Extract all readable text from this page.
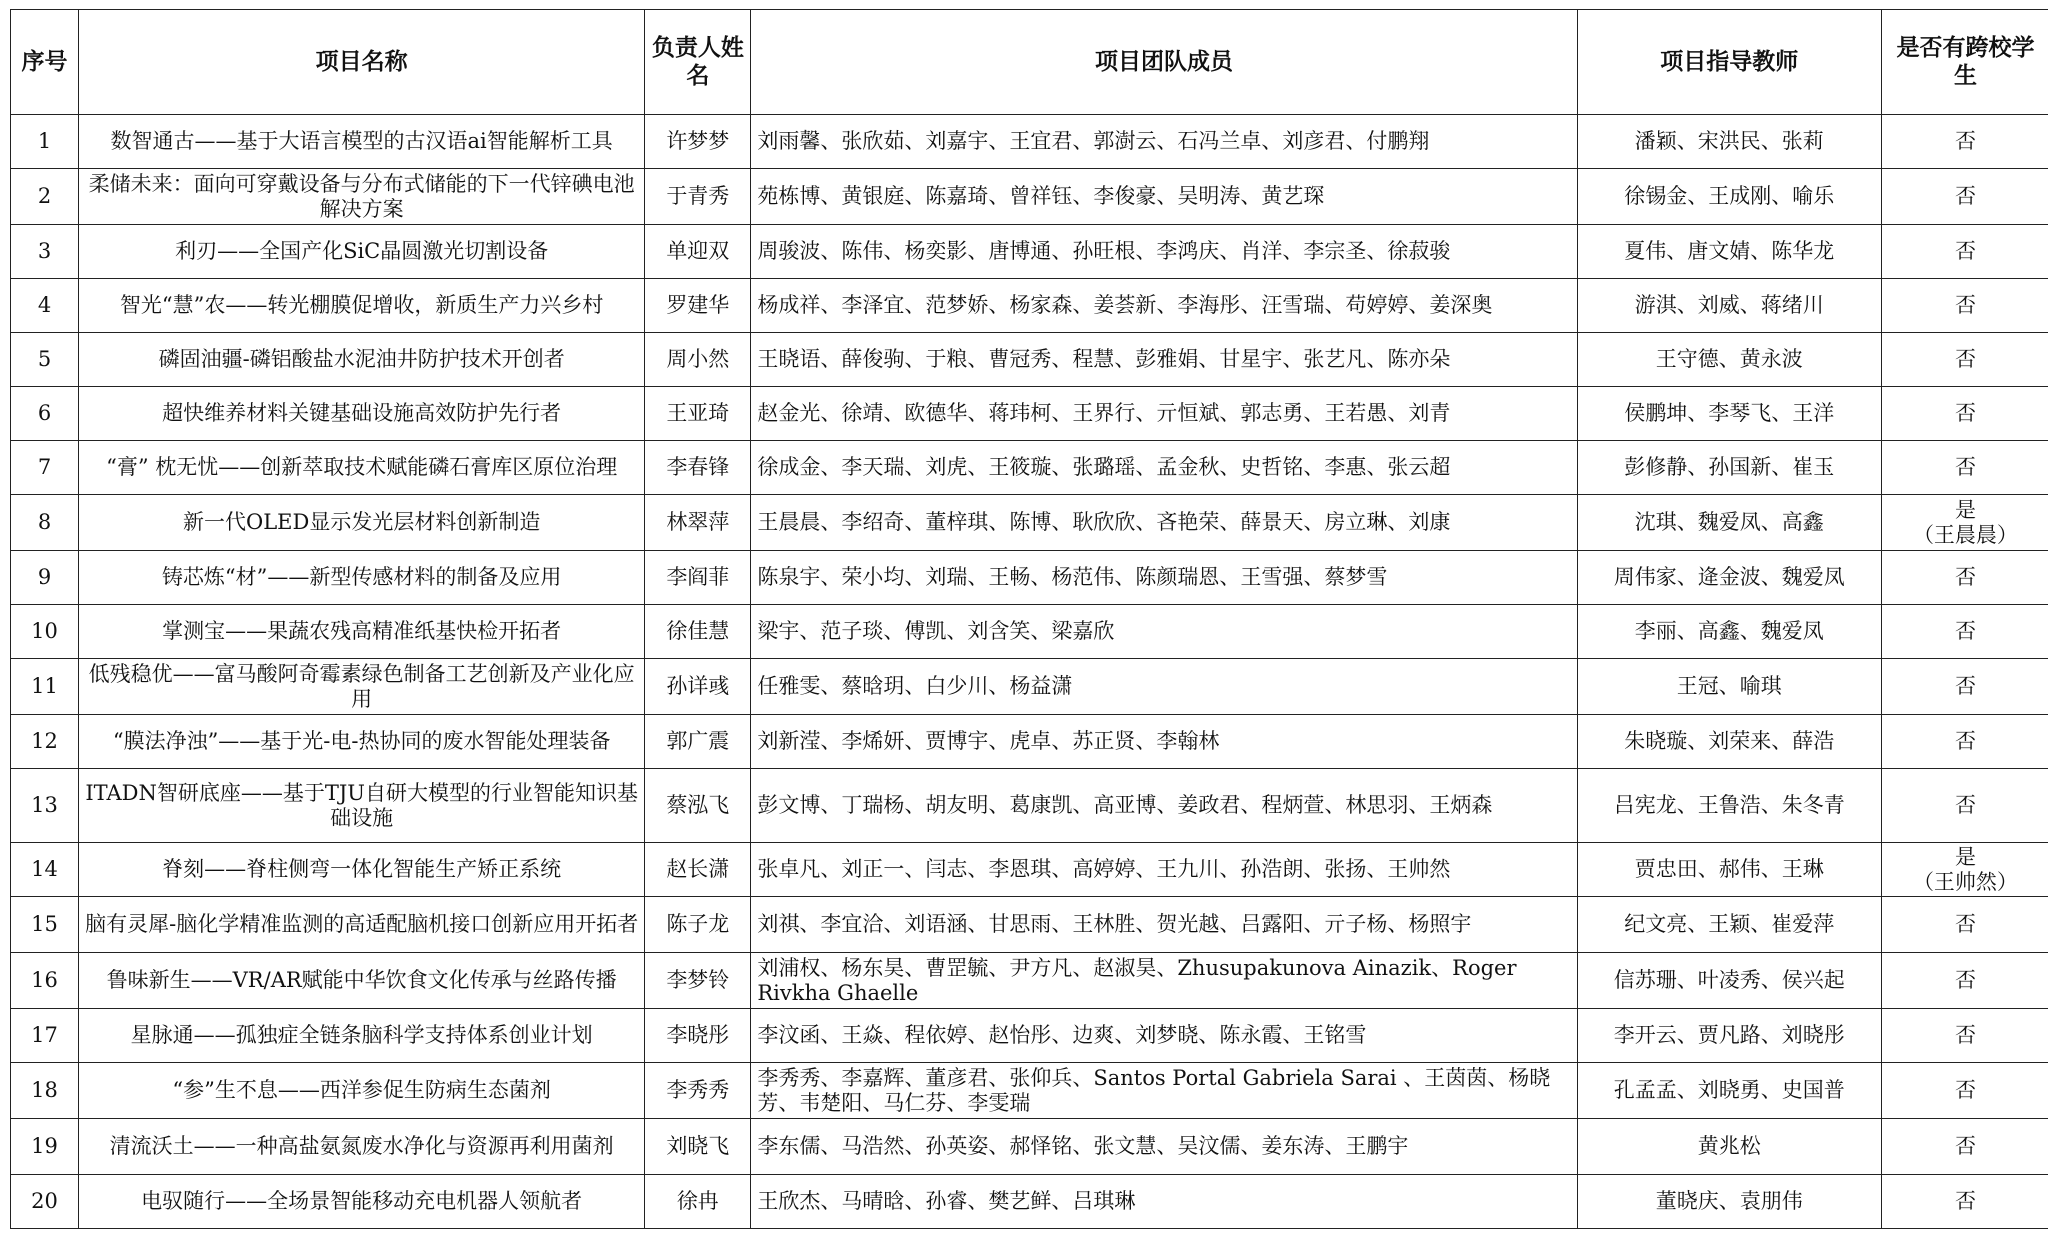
序号	项目名称	负责人姓名	项目团队成员	项目指导教师	是否有跨校学生
1	数智通古——基于大语言模型的古汉语ai智能解析工具	许梦梦	刘雨馨、张欣茹、刘嘉宇、王宜君、郭澍云、石冯兰卓、刘彦君、付鹏翔	潘颖、宋洪民、张莉	否

2	柔储未来：面向可穿戴设备与分布式储能的下一代锌碘电池解决方案	于青秀	苑栋博、黄银庭、陈嘉琦、曾祥钰、李俊豪、吴明涛、黄艺琛	徐锡金、王成刚、喻乐	否

3	利刃——全国产化SiC晶圆激光切割设备	单迎双	周骏波、陈伟、杨奕影、唐博通、孙旺根、李鸿庆、肖洋、李宗圣、徐菽骏	夏伟、唐文婧、陈华龙	否

4	智光“慧”农——转光棚膜促增收，新质生产力兴乡村	罗建华	杨成祥、李泽宜、范梦娇、杨家森、姜荟新、李海彤、汪雪瑞、苟婷婷、姜深奥	游淇、刘威、蒋绪川	否

5	磷固油疆-磷铝酸盐水泥油井防护技术开创者	周小然	王晓语、薛俊驹、于粮、曹冠秀、程慧、彭雅娟、甘星宇、张艺凡、陈亦朵	王守德、黄永波	否

6	超快维养材料关键基础设施高效防护先行者	王亚琦	赵金光、徐靖、欧德华、蒋玮柯、王界行、亓恒斌、郭志勇、王若愚、刘青	侯鹏坤、李琴飞、王洋	否

7	“膏” 枕无忧——创新萃取技术赋能磷石膏库区原位治理	李春锋	徐成金、李天瑞、刘虎、王筱璇、张璐瑶、孟金秋、史哲铭、李惠、张云超	彭修静、孙国新、崔玉	否

8	新一代OLED显示发光层材料创新制造	林翠萍	王晨晨、李绍奇、董梓琪、陈博、耿欣欣、吝艳荣、薛景天、房立琳、刘康	沈琪、魏爱凤、高鑫	是
（王晨晨）

9	铸芯炼“材”——新型传感材料的制备及应用	李阎菲	陈泉宇、荣小均、刘瑞、王畅、杨范伟、陈颜瑞恩、王雪强、蔡梦雪	周伟家、逄金波、魏爱凤	否

10	掌测宝——果蔬农残高精准纸基快检开拓者	徐佳慧	梁宇、范子琰、傅凯、刘含笑、梁嘉欣	李丽、高鑫、魏爱凤	否

11	低残稳优——富马酸阿奇霉素绿色制备工艺创新及产业化应用	孙详彧	任雅雯、蔡晗玥、白少川、杨益潇	王冠、喻琪	否

12	“膜法净浊”——基于光-电-热协同的废水智能处理装备	郭广震	刘新滢、李烯妍、贾博宇、虎卓、苏正贤、李翰林	朱晓璇、刘荣来、薛浩	否

13	ITADN智研底座——基于TJU自研大模型的行业智能知识基础设施	蔡泓飞	彭文博、丁瑞杨、胡友明、葛康凯、高亚博、姜政君、程炳萱、林思羽、王炳森	吕宪龙、王鲁浩、朱冬青	否

14	脊刻——脊柱侧弯一体化智能生产矫正系统	赵长潇	张卓凡、刘正一、闫志、李恩琪、高婷婷、王九川、孙浩朗、张扬、王帅然	贾忠田、郝伟、王琳	是
（王帅然）

15	脑有灵犀-脑化学精准监测的高适配脑机接口创新应用开拓者	陈子龙	刘祺、李宜洽、刘语涵、甘思雨、王林胜、贺光越、吕露阳、亓子杨、杨照宇	纪文亮、王颖、崔爱萍	否

16	鲁味新生——VR/AR赋能中华饮食文化传承与丝路传播	李梦铃	刘浦权、杨东昊、曹罡毓、尹方凡、赵淑昊、Zhusupakunova Ainazik、Roger Rivkha Ghaelle	信苏珊、叶凌秀、侯兴起	否

17	星脉通——孤独症全链条脑科学支持体系创业计划	李晓彤	李汶函、王焱、程依婷、赵怡彤、边爽、刘梦晓、陈永霞、王铭雪	李开云、贾凡路、刘晓彤	否

18	“参”生不息——西洋参促生防病生态菌剂	李秀秀	李秀秀、李嘉辉、董彦君、张仰兵、Santos Portal Gabriela Sarai 、王茵茵、杨晓芳、韦楚阳、马仁芬、李雯瑞	孔孟孟、刘晓勇、史国普	否

19	清流沃土——一种高盐氨氮废水净化与资源再利用菌剂	刘晓飞	李东儒、马浩然、孙英姿、郝怿铭、张文慧、吴汶儒、姜东涛、王鹏宇	黄兆松	否

20	电驭随行——全场景智能移动充电机器人领航者	徐冉	王欣杰、马晴晗、孙睿、樊艺鲜、吕琪琳	董晓庆、袁朋伟	否
